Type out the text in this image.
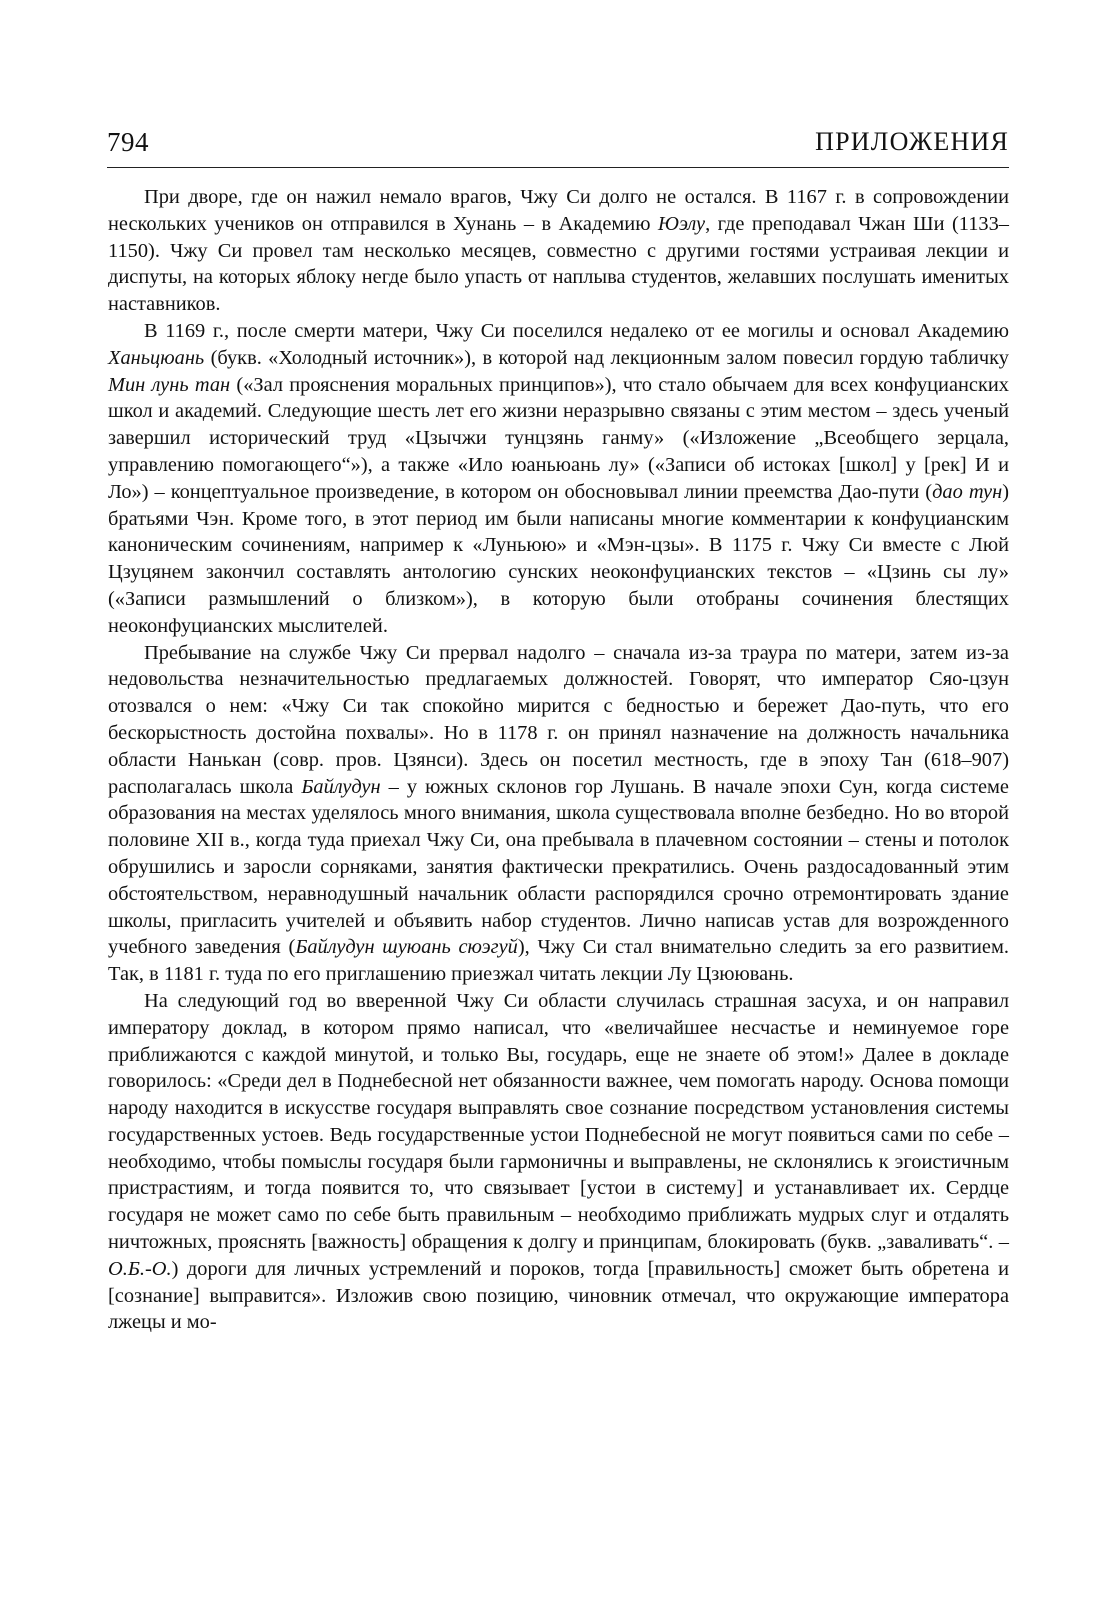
794	ПРИЛОЖЕНИЯ

При дворе, где он нажил немало врагов, Чжу Си долго не остался. В 1167 г. в сопровождении нескольких учеников он отправился в Хунань – в Академию Юэлу, где преподавал Чжан Ши (1133–1150). Чжу Си провел там несколько месяцев, совместно с другими гостями устраивая лекции и диспуты, на которых яблоку негде было упасть от наплыва студентов, желавших послушать именитых наставников.

В 1169 г., после смерти матери, Чжу Си поселился недалеко от ее могилы и основал Академию Ханьцюань (букв. «Холодный источник»), в которой над лекционным залом повесил гордую табличку Мин лунь тан («Зал прояснения моральных принципов»), что стало обычаем для всех конфуцианских школ и академий. Следующие шесть лет его жизни неразрывно связаны с этим местом – здесь ученый завершил исторический труд «Цзычжи тунцзянь ганму» («Изложение „Всеобщего зерцала, управлению помогающего“»), а также «Ило юаньюань лу» («Записи об истоках [школ] у [рек] И и Ло») – концептуальное произведение, в котором он обосновывал линии преемства Дао-пути (дао тун) братьями Чэн. Кроме того, в этот период им были написаны многие комментарии к конфуцианским каноническим сочинениям, например к «Луньюю» и «Мэн-цзы». В 1175 г. Чжу Си вместе с Люй Цзуцянем закончил составлять антологию сунских неоконфуцианских текстов – «Цзинь сы лу» («Записи размышлений о близком»), в которую были отобраны сочинения блестящих неоконфуцианских мыслителей.

Пребывание на службе Чжу Си прервал надолго – сначала из-за траура по матери, затем из-за недовольства незначительностью предлагаемых должностей. Говорят, что император Сяо-цзун отозвался о нем: «Чжу Си так спокойно мирится с бедностью и бережет Дао-путь, что его бескорыстность достойна похвалы». Но в 1178 г. он принял назначение на должность начальника области Нанькан (совр. пров. Цзянси). Здесь он посетил местность, где в эпоху Тан (618–907) располагалась школа Байлудун – у южных склонов гор Лушань. В начале эпохи Сун, когда системе образования на местах уделялось много внимания, школа существовала вполне безбедно. Но во второй половине XII в., когда туда приехал Чжу Си, она пребывала в плачевном состоянии – стены и потолок обрушились и заросли сорняками, занятия фактически прекратились. Очень раздосадованный этим обстоятельством, неравнодушный начальник области распорядился срочно отремонтировать здание школы, пригласить учителей и объявить набор студентов. Лично написав устав для возрожденного учебного заведения (Байлудун шуюань сюэгуй), Чжу Си стал внимательно следить за его развитием. Так, в 1181 г. туда по его приглашению приезжал читать лекции Лу Цзюювань.

На следующий год во вверенной Чжу Си области случилась страшная засуха, и он направил императору доклад, в котором прямо написал, что «величайшее несчастье и неминуемое горе приближаются с каждой минутой, и только Вы, государь, еще не знаете об этом!» Далее в докладе говорилось: «Среди дел в Поднебесной нет обязанности важнее, чем помогать народу. Основа помощи народу находится в искусстве государя выправлять свое сознание посредством установления системы государственных устоев. Ведь государственные устои Поднебесной не могут появиться сами по себе – необходимо, чтобы помыслы государя были гармоничны и выправлены, не склонялись к эгоистичным пристрастиям, и тогда появится то, что связывает [устои в систему] и устанавливает их. Сердце государя не может само по себе быть правильным – необходимо приближать мудрых слуг и отдалять ничтожных, прояснять [важность] обращения к долгу и принципам, блокировать (букв. „заваливать“. – О.Б.-О.) дороги для личных устремлений и пороков, тогда [правильность] сможет быть обретена и [сознание] выправится». Изложив свою позицию, чиновник отмечал, что окружающие императора лжецы и мо-
